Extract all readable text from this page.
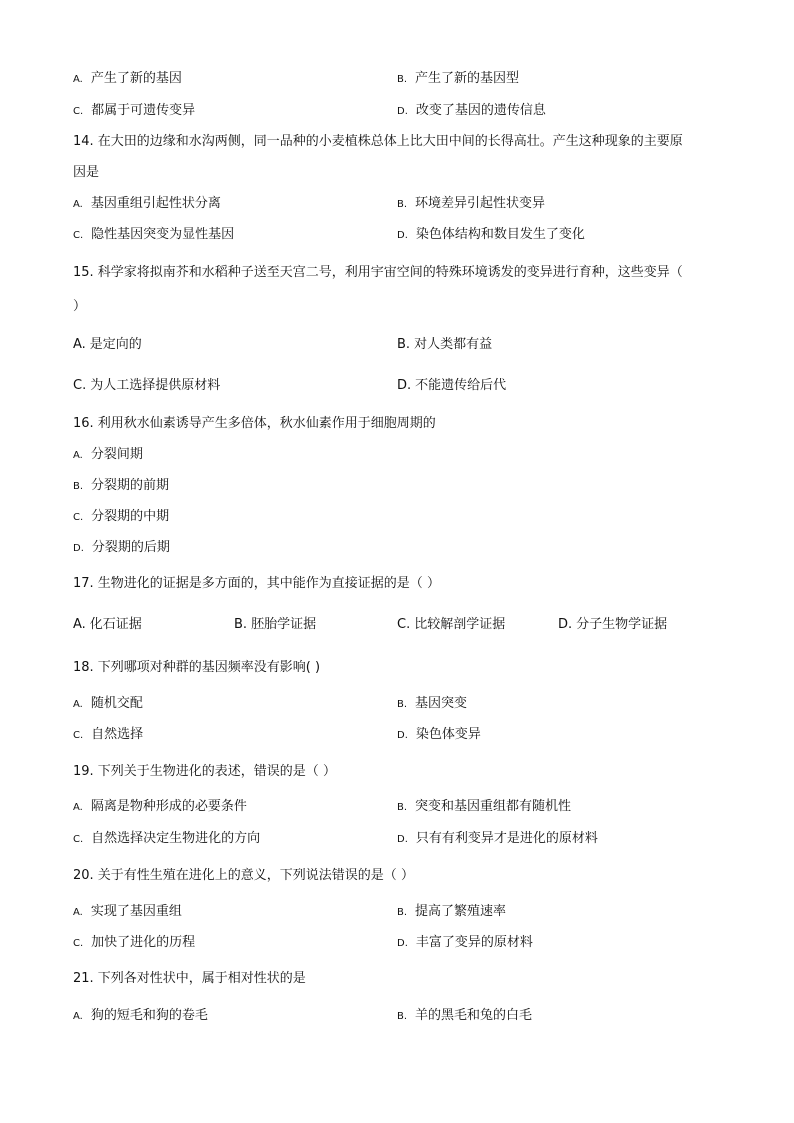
A. 产生了新的基因	B. 产生了新的基因型
C. 都属于可遗传变异	D. 改变了基因的遗传信息
14. 在大田的边缘和水沟两侧，同一品种的小麦植株总体上比大田中间的长得高壮。产生这种现象的主要原
因是
A. 基因重组引起性状分离	B. 环境差异引起性状变异
C. 隐性基因突变为显性基因	D. 染色体结构和数目发生了变化
15. 科学家将拟南芥和水稻种子送至天宫二号，利用宇宙空间的特殊环境诱发的变异进行育种，这些变异（
）
A. 是定向的	B. 对人类都有益
C. 为人工选择提供原材料	D. 不能遗传给后代
16. 利用秋水仙素诱导产生多倍体，秋水仙素作用于细胞周期的
A. 分裂间期
B. 分裂期的前期
C. 分裂期的中期
D. 分裂期的后期
17. 生物进化的证据是多方面的，其中能作为直接证据的是（ ）
A. 化石证据	B. 胚胎学证据	C. 比较解剖学证据	D. 分子生物学证据
18. 下列哪项对种群的基因频率没有影响( )
A. 随机交配	B. 基因突变
C. 自然选择	D. 染色体变异
19. 下列关于生物进化的表述，错误的是（ ）
A. 隔离是物种形成的必要条件	B. 突变和基因重组都有随机性
C. 自然选择决定生物进化的方向	D. 只有有利变异才是进化的原材料
20. 关于有性生殖在进化上的意义，下列说法错误的是（ ）
A. 实现了基因重组	B. 提高了繁殖速率
C. 加快了进化的历程	D. 丰富了变异的原材料
21. 下列各对性状中，属于相对性状的是
A. 狗的短毛和狗的卷毛	B. 羊的黑毛和兔的白毛
